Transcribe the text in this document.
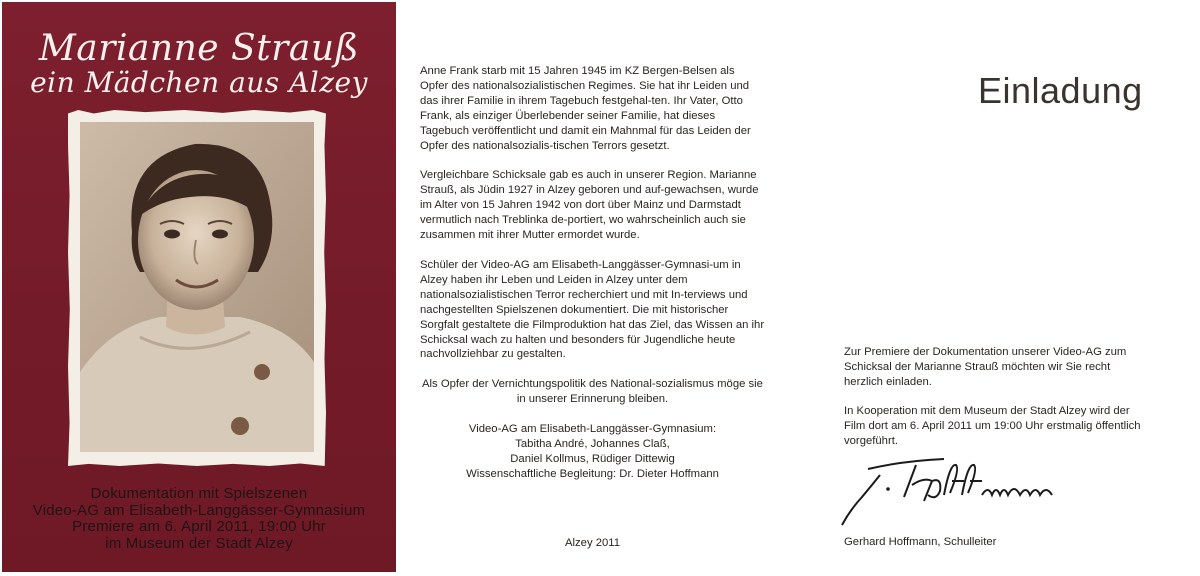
Marianne Strauß
ein Mädchen aus Alzey
Dokumentation mit Spielszenen
Video-AG am Elisabeth-Langgässer-Gymnasium
Premiere am 6. April 2011, 19:00 Uhr
im Museum der Stadt Alzey

Anne Frank starb mit 15 Jahren 1945 im KZ Bergen-Belsen als Opfer des nationalsozialistischen Regimes. Sie hat ihr Leiden und das ihrer Familie in ihrem Tagebuch festgehal-ten. Ihr Vater, Otto Frank, als einziger Überlebender seiner Familie, hat dieses Tagebuch veröffentlicht und damit ein Mahnmal für das Leiden der Opfer des nationalsozialis-tischen Terrors gesetzt.

Vergleichbare Schicksale gab es auch in unserer Region. Marianne Strauß, als Jüdin 1927 in Alzey geboren und auf-gewachsen, wurde im Alter von 15 Jahren 1942 von dort über Mainz und Darmstadt vermutlich nach Treblinka de-portiert, wo wahrscheinlich auch sie zusammen mit ihrer Mutter ermordet wurde.

Schüler der Video-AG am Elisabeth-Langgässer-Gymnasi-um in Alzey haben ihr Leben und Leiden in Alzey unter dem nationalsozialistischen Terror recherchiert und mit In-terviews und nachgestellten Spielszenen dokumentiert. Die mit historischer Sorgfalt gestaltete die Filmproduktion hat das Ziel, das Wissen an ihr Schicksal wach zu halten und besonders für Jugendliche heute nachvollziehbar zu gestalten.

Als Opfer der Vernichtungspolitik des National-sozialismus möge sie in unserer Erinnerung bleiben.

Video-AG am Elisabeth-Langgässer-Gymnasium:
Tabitha André, Johannes Claß,
Daniel Kollmus, Rüdiger Dittewig
Wissenschaftliche Begleitung: Dr. Dieter Hoffmann
Alzey 2011
Einladung

Zur Premiere der Dokumentation unserer Video-AG zum Schicksal der Marianne Strauß möchten wir Sie recht herzlich einladen.

In Kooperation mit dem Museum der Stadt Alzey wird der Film dort am 6. April 2011 um 19:00 Uhr erstmalig öffentlich vorgeführt.

Gerhard Hoffmann, Schulleiter
